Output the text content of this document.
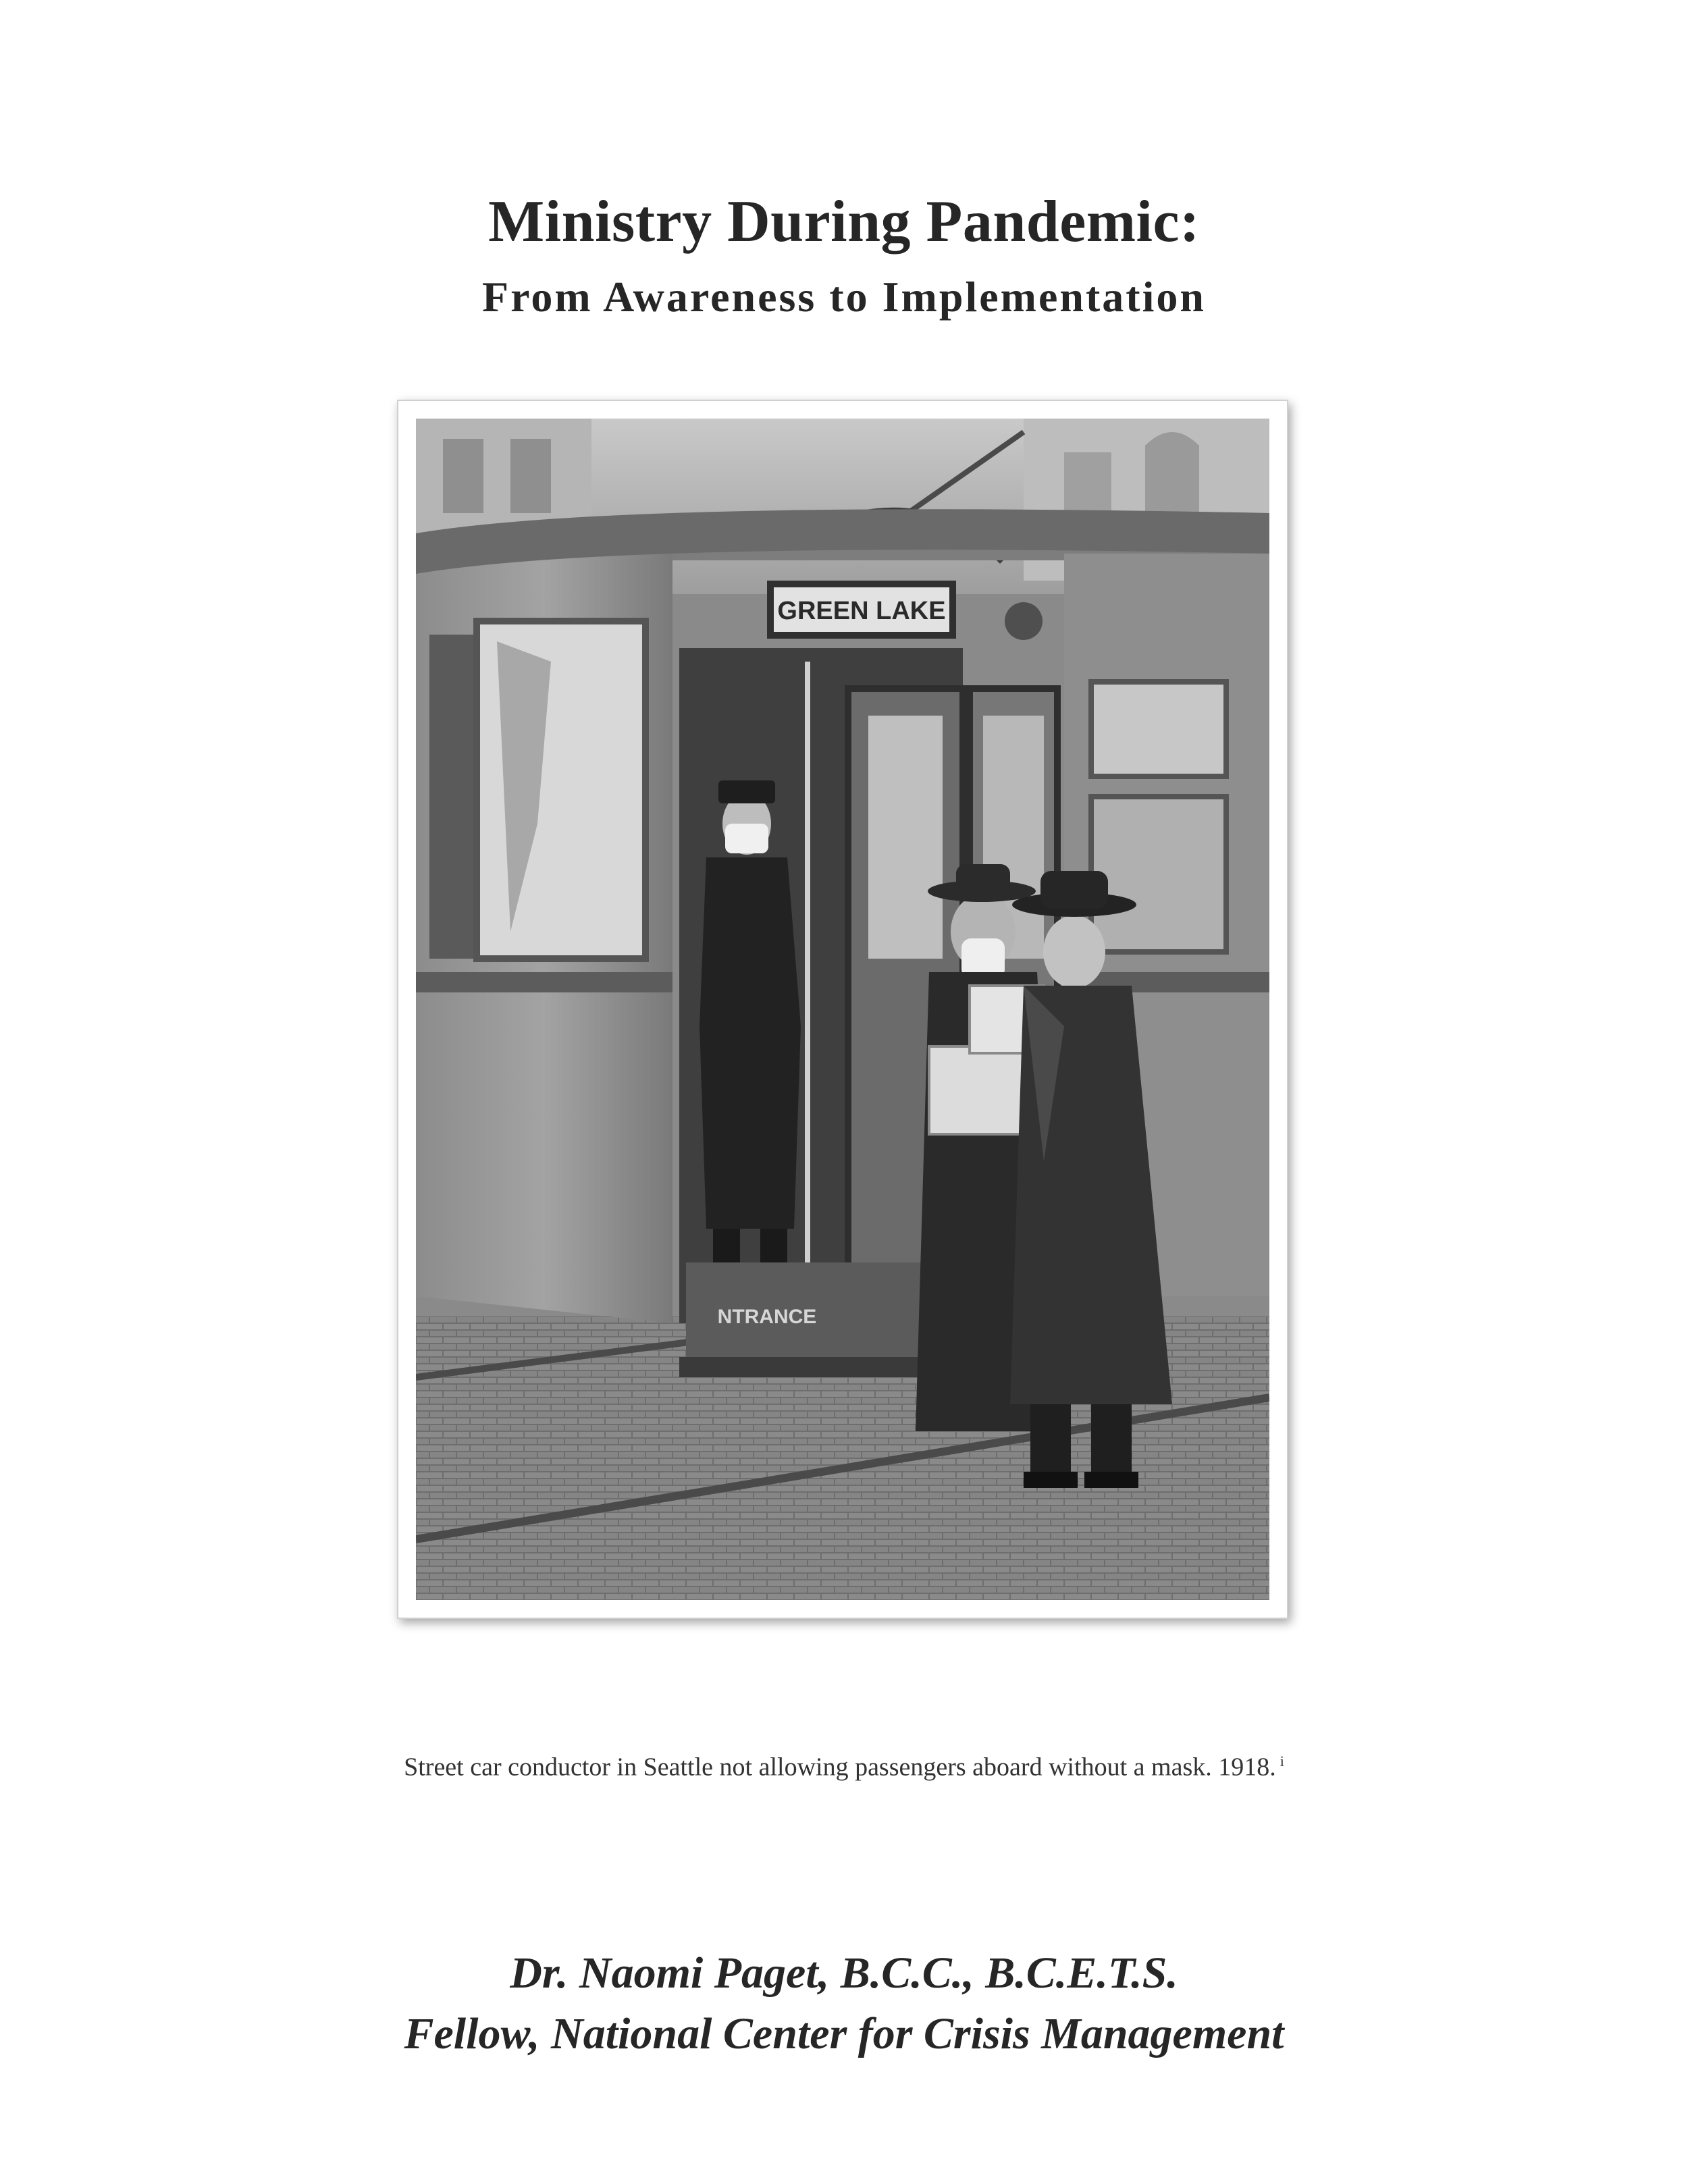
Ministry During Pandemic:
From Awareness to Implementation
GREEN LAKE
NTRANCE
Street car conductor in Seattle not allowing passengers aboard without a mask. 1918. $^i$
Dr. Naomi Paget, B.C.C., B.C.E.T.S.
Fellow, National Center for Crisis Management
